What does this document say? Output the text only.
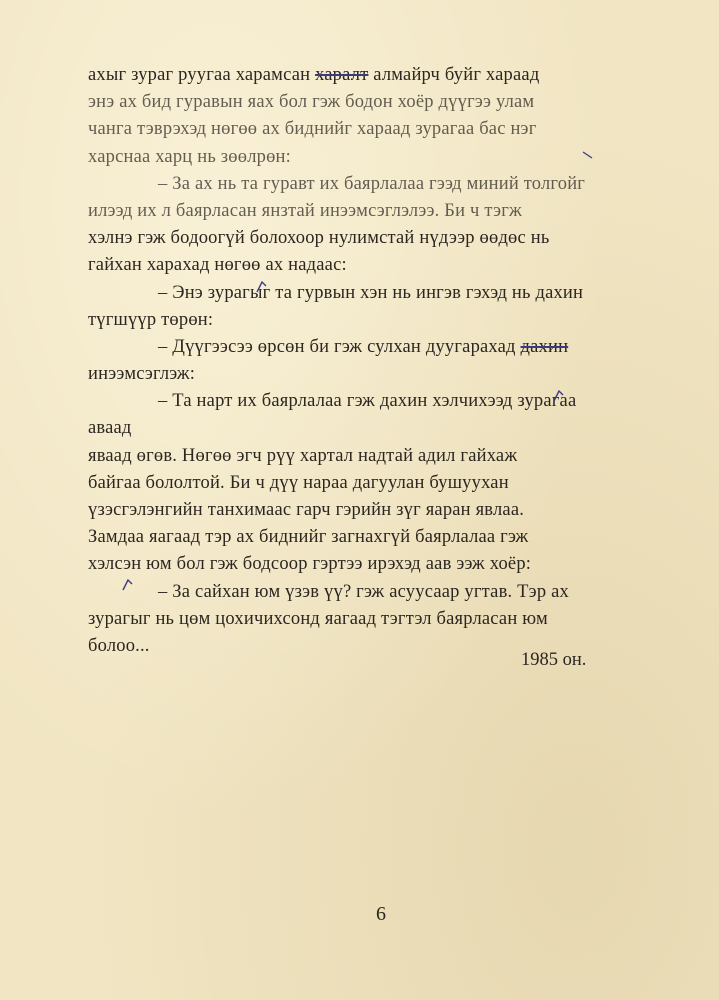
ахыг зураг руугаа харамсан харалт алмайрч буйг хараад
энэ ах бид гуравын яах бол гэж бодон хоёр дүүгээ улам
чанга тэврэхэд нөгөө ах биднийг хараад зурагаа бас нэг
харснаа харц нь зөөлрөн:
– За ах нь та гуравт их баярлалаа гээд миний толгойг
илээд их л баярласан янзтай инээмсэглэлээ. Би ч тэгж
хэлнэ гэж бодоогүй болохоор нулимстай нүдээр өөдөс нь
гайхан харахад нөгөө ах надаас:
– Энэ зурагыг та гурвын хэн нь ингэв гэхэд нь дахин
түгшүүр төрөн:
– Дүүгээсээ өрсөн би гэж сулхан дуугарахад дахин
инээмсэглэж:
– Та нарт их баярлалаа гэж дахин хэлчихээд зурагаа
аваад
яваад өгөв. Нөгөө эгч рүү хартал надтай адил гайхаж
байгаа бололтой. Би ч дүү нараа дагуулан бушуухан
үзэсгэлэнгийн танхимаас гарч гэрийн зүг яаран явлаа.
Замдаа яагаад тэр ах биднийг загнахгүй баярлалаа гэж
хэлсэн юм бол гэж бодсоор гэртээ ирэхэд аав ээж хоёр:
– За сайхан юм үзэв үү? гэж асуусаар угтав. Тэр ах
зурагыг нь цөм цохичихсонд яагаад тэгтэл баярласан юм
болоо...
1985 он.
6
